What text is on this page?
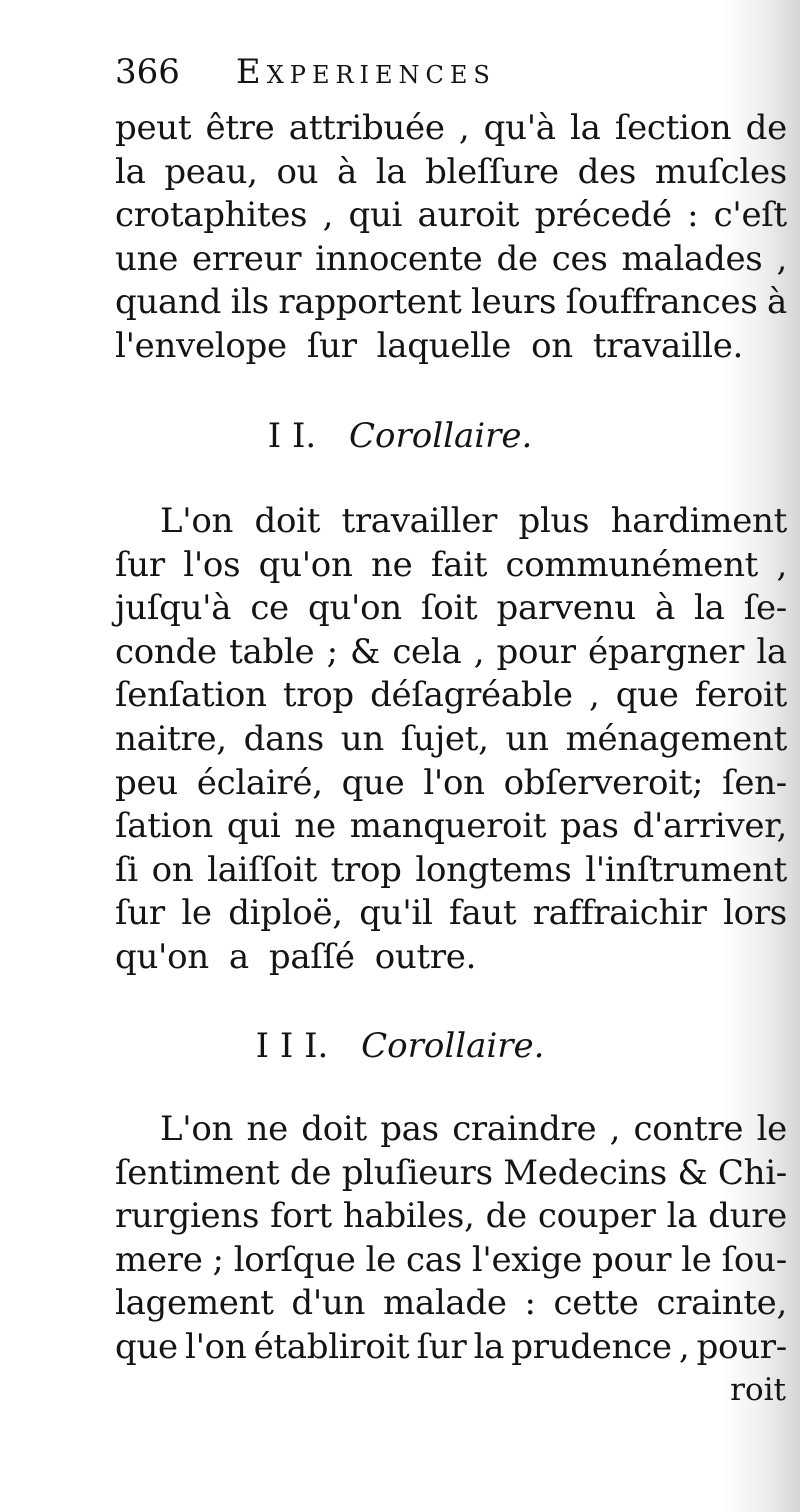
366 Experiences
peut être attribuée , qu'à la ſection de
la peau, ou à la bleſſure des muſcles
crotaphites , qui auroit précedé : c'eſt
une erreur innocente de ces malades ,
quand ils rapportent leurs ſouffrances à
l'envelope ſur laquelle on travaille.
I I. Corollaire.
L'on doit travailler plus hardiment
ſur l'os qu'on ne fait communément ,
juſqu'à ce qu'on ſoit parvenu à la ſe-
conde table ; & cela , pour épargner la
ſenſation trop déſagréable , que feroit
naitre, dans un ſujet, un ménagement
peu éclairé, que l'on obſerveroit; ſen-
ſation qui ne manqueroit pas d'arriver,
ſi on laiſſoit trop longtems l'inſtrument
ſur le diploë, qu'il faut raffraichir lors
qu'on a paſſé outre.
I I I. Corollaire.
L'on ne doit pas craindre , contre le
ſentiment de pluſieurs Medecins & Chi-
rurgiens fort habiles, de couper la dure
mere ; lorſque le cas l'exige pour le ſou-
lagement d'un malade : cette crainte,
que l'on établiroit ſur la prudence , pour-
roit
